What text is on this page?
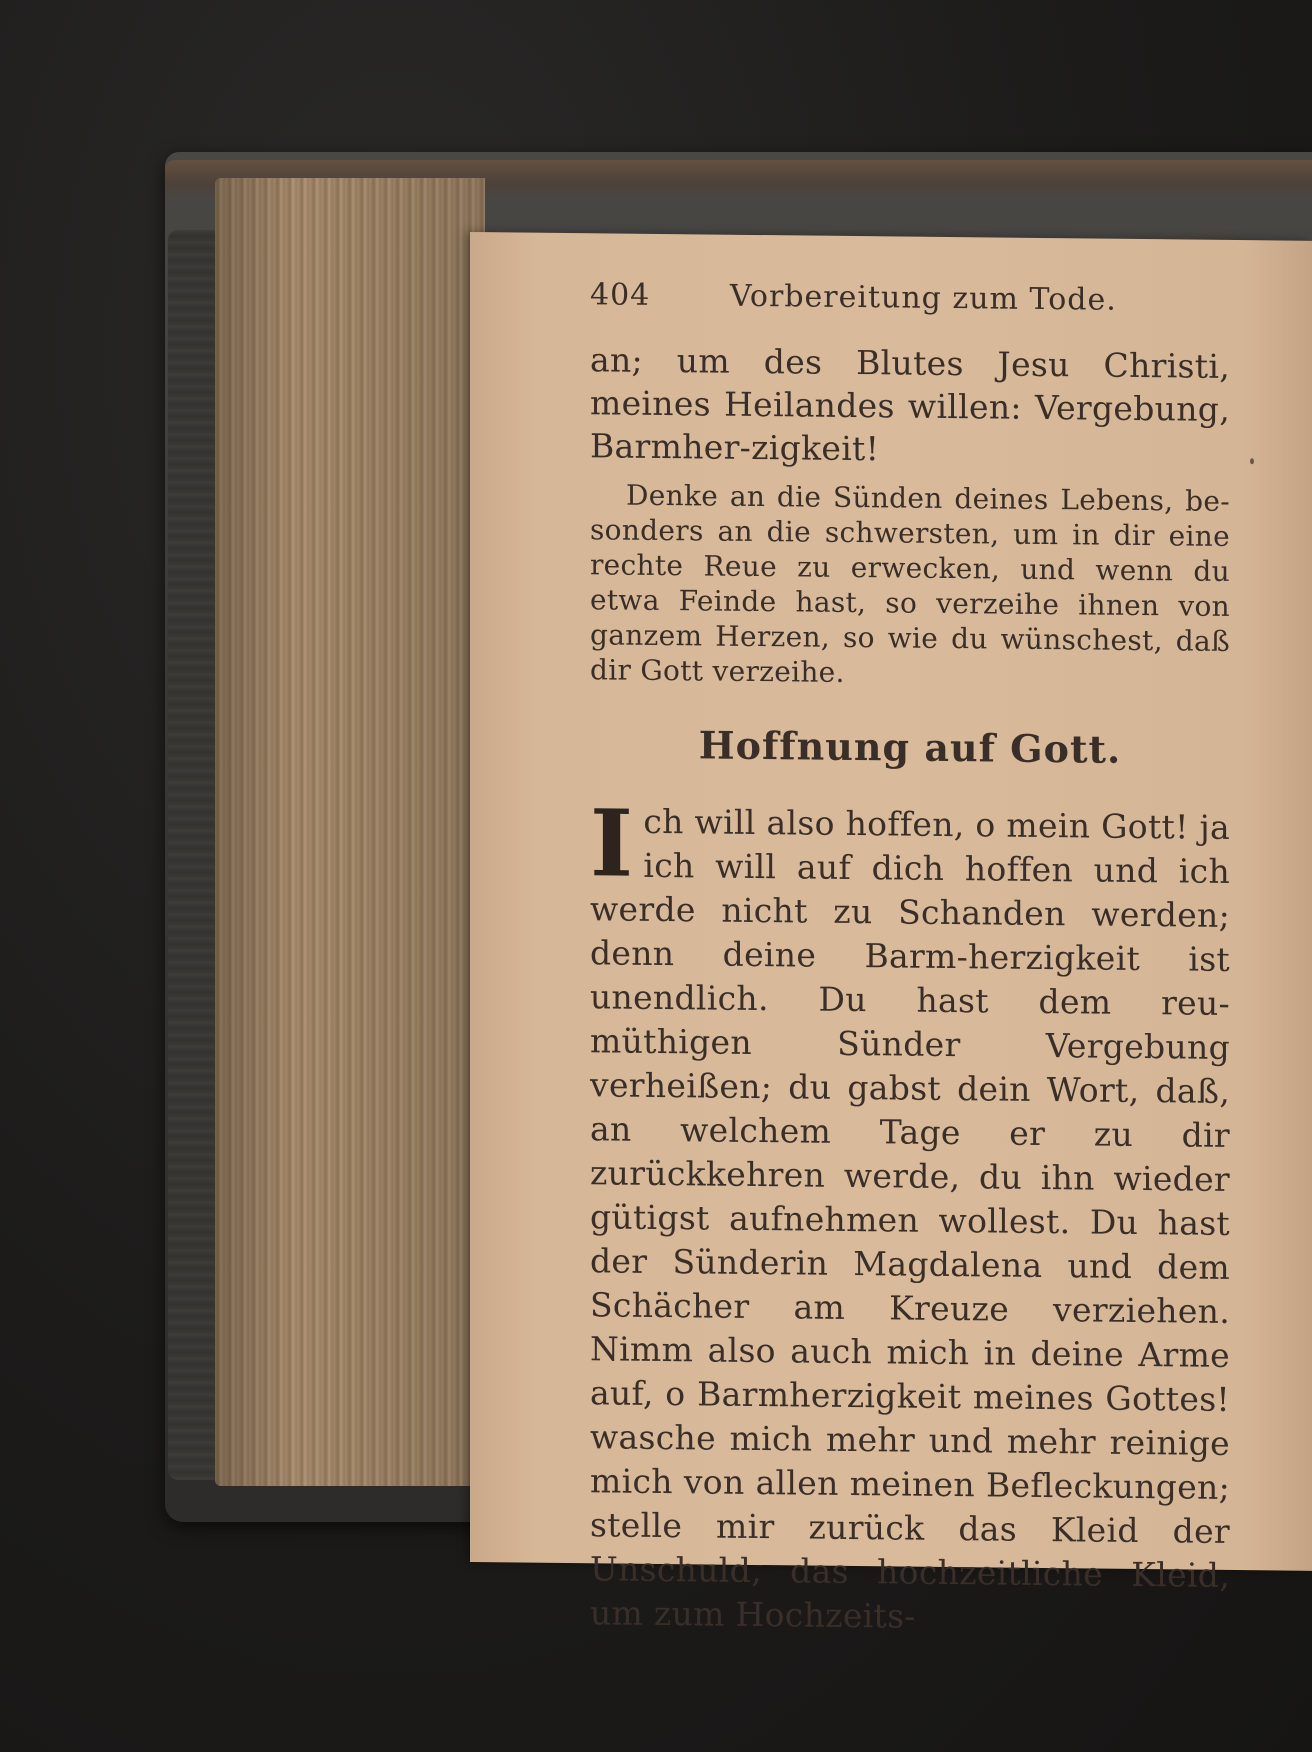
404	Vorbereitung zum Tode.

an; um des Blutes Jesu Christi, meines Heilandes willen: Vergebung, Barmher-zigkeit!

Denke an die Sünden deines Lebens, be-sonders an die schwersten, um in dir eine rechte Reue zu erwecken, und wenn du etwa Feinde hast, so verzeihe ihnen von ganzem Herzen, so wie du wünschest, daß dir Gott verzeihe.

Hoffnung auf Gott.

I ch will also hoffen, o mein Gott! ja ich will auf dich hoffen und ich werde nicht zu Schanden werden; denn deine Barm-herzigkeit ist unendlich. Du hast dem reu-müthigen Sünder Vergebung verheißen; du gabst dein Wort, daß, an welchem Tage er zu dir zurückkehren werde, du ihn wieder gütigst aufnehmen wollest. Du hast der Sünderin Magdalena und dem Schächer am Kreuze verziehen. Nimm also auch mich in deine Arme auf, o Barmherzigkeit meines Gottes! wasche mich mehr und mehr reinige mich von allen meinen Befleckungen; stelle mir zurück das Kleid der Unschuld, das hochzeitliche Kleid, um zum Hochzeits-
